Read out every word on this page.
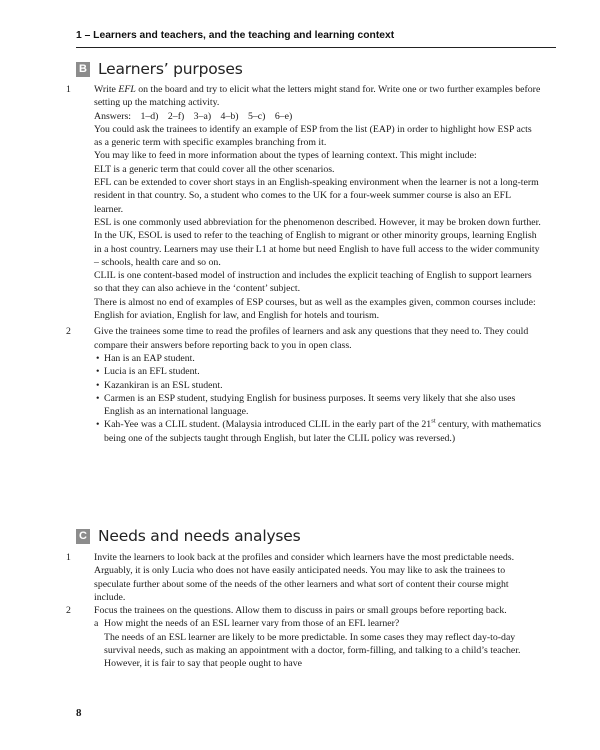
1 – Learners and teachers, and the teaching and learning context
B Learners’ purposes
1 Write EFL on the board and try to elicit what the letters might stand for. Write one or two further examples before setting up the matching activity.
Answers: 1–d) 2–f) 3–a) 4–b) 5–c) 6–e)
You could ask the trainees to identify an example of ESP from the list (EAP) in order to highlight how ESP acts as a generic term with specific examples branching from it.
You may like to feed in more information about the types of learning context. This might include:
ELT is a generic term that could cover all the other scenarios.
EFL can be extended to cover short stays in an English-speaking environment when the learner is not a long-term resident in that country. So, a student who comes to the UK for a four-week summer course is also an EFL learner.
ESL is one commonly used abbreviation for the phenomenon described. However, it may be broken down further. In the UK, ESOL is used to refer to the teaching of English to migrant or other minority groups, learning English in a host country. Learners may use their L1 at home but need English to have full access to the wider community – schools, health care and so on.
CLIL is one content-based model of instruction and includes the explicit teaching of English to support learners so that they can also achieve in the ‘content’ subject.
There is almost no end of examples of ESP courses, but as well as the examples given, common courses include: English for aviation, English for law, and English for hotels and tourism.
2 Give the trainees some time to read the profiles of learners and ask any questions that they need to. They could compare their answers before reporting back to you in open class.
• Han is an EAP student.
• Lucia is an EFL student.
• Kazankiran is an ESL student.
• Carmen is an ESP student, studying English for business purposes. It seems very likely that she also uses English as an international language.
• Kah-Yee was a CLIL student. (Malaysia introduced CLIL in the early part of the 21st century, with mathematics being one of the subjects taught through English, but later the CLIL policy was reversed.)
C Needs and needs analyses
1 Invite the learners to look back at the profiles and consider which learners have the most predictable needs. Arguably, it is only Lucia who does not have easily anticipated needs. You may like to ask the trainees to speculate further about some of the needs of the other learners and what sort of content their course might include.
2 Focus the trainees on the questions. Allow them to discuss in pairs or small groups before reporting back.
a How might the needs of an ESL learner vary from those of an EFL learner?
The needs of an ESL learner are likely to be more predictable. In some cases they may reflect day-to-day survival needs, such as making an appointment with a doctor, form-filling, and talking to a child’s teacher. However, it is fair to say that people ought to have
8
